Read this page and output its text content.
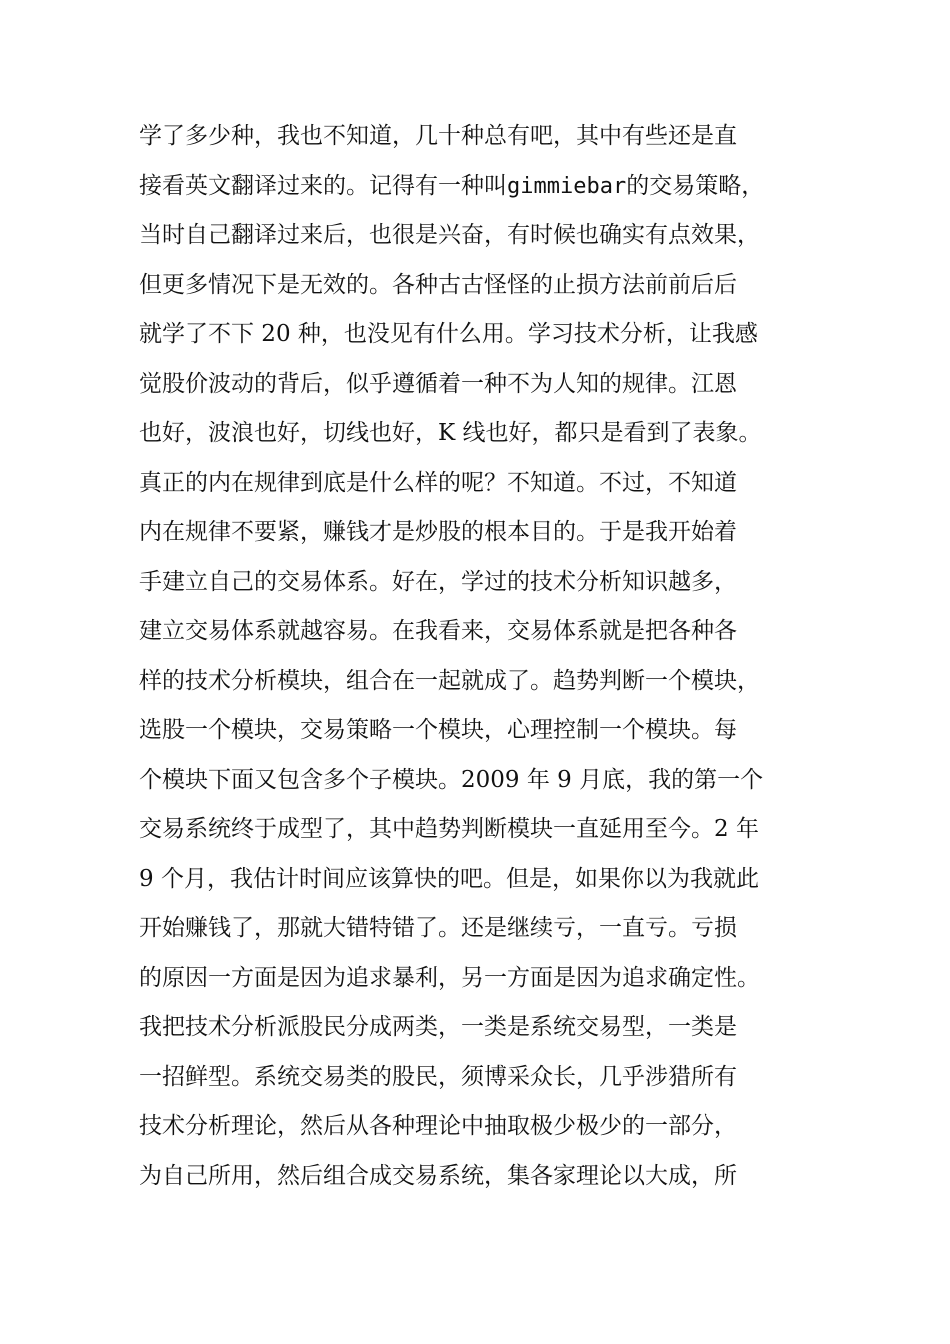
学了多少种，我也不知道，几十种总有吧，其中有些还是直
接看英文翻译过来的。记得有一种叫gimmiebar的交易策略，
当时自己翻译过来后，也很是兴奋，有时候也确实有点效果，
但更多情况下是无效的。各种古古怪怪的止损方法前前后后
就学了不下 20 种，也没见有什么用。学习技术分析，让我感
觉股价波动的背后，似乎遵循着一种不为人知的规律。江恩
也好，波浪也好，切线也好，K 线也好，都只是看到了表象。
真正的内在规律到底是什么样的呢？不知道。不过，不知道
内在规律不要紧，赚钱才是炒股的根本目的。于是我开始着
手建立自己的交易体系。好在，学过的技术分析知识越多，
建立交易体系就越容易。在我看来，交易体系就是把各种各
样的技术分析模块，组合在一起就成了。趋势判断一个模块，
选股一个模块，交易策略一个模块，心理控制一个模块。每
个模块下面又包含多个子模块。2009 年 9 月底，我的第一个
交易系统终于成型了，其中趋势判断模块一直延用至今。2 年
9 个月，我估计时间应该算快的吧。但是，如果你以为我就此
开始赚钱了，那就大错特错了。还是继续亏，一直亏。亏损
的原因一方面是因为追求暴利，另一方面是因为追求确定性。
我把技术分析派股民分成两类，一类是系统交易型，一类是
一招鲜型。系统交易类的股民，须博采众长，几乎涉猎所有
技术分析理论，然后从各种理论中抽取极少极少的一部分，
为自己所用，然后组合成交易系统，集各家理论以大成，所
